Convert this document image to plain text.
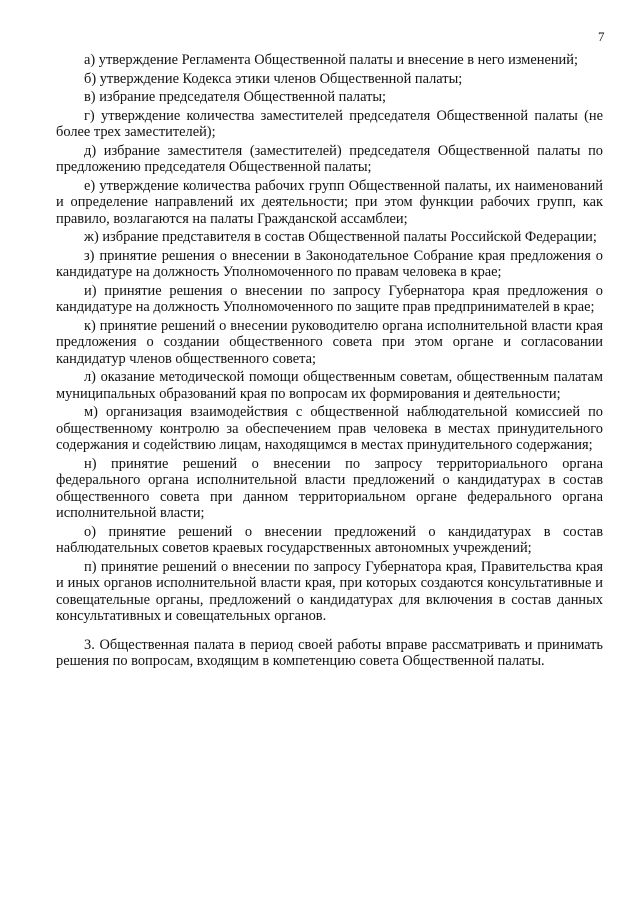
7

а) утверждение Регламента Общественной палаты и внесение в него изменений;

б) утверждение Кодекса этики членов Общественной палаты;

в) избрание председателя Общественной палаты;

г) утверждение количества заместителей председателя Общественной палаты (не более трех заместителей);

д) избрание заместителя (заместителей) председателя Общественной палаты по предложению председателя Общественной палаты;

е) утверждение количества рабочих групп Общественной палаты, их наименований и определение направлений их деятельности; при этом функции рабочих групп, как правило, возлагаются на палаты Гражданской ассамблеи;

ж) избрание представителя в состав Общественной палаты Российской Федерации;

з) принятие решения о внесении в Законодательное Собрание края предложения о кандидатуре на должность Уполномоченного по правам человека в крае;

и) принятие решения о внесении по запросу Губернатора края предложения о кандидатуре на должность Уполномоченного по защите прав предпринимателей в крае;

к) принятие решений о внесении руководителю органа исполнительной власти края предложения о создании общественного совета при этом органе и согласовании кандидатур членов общественного совета;

л) оказание методической помощи общественным советам, общественным палатам муниципальных образований края по вопросам их формирования и деятельности;

м) организация взаимодействия с общественной наблюдательной комиссией по общественному контролю за обеспечением прав человека в местах принудительного содержания и содействию лицам, находящимся в местах принудительного содержания;

н) принятие решений о внесении по запросу территориального органа федерального органа исполнительной власти предложений о кандидатурах в состав общественного совета при данном территориальном органе федерального органа исполнительной власти;

о) принятие решений о внесении предложений о кандидатурах в состав наблюдательных советов краевых государственных автономных учреждений;

п) принятие решений о внесении по запросу Губернатора края, Правительства края и иных органов исполнительной власти края, при которых создаются консультативные и совещательные органы, предложений о кандидатурах для включения в состав данных консультативных и совещательных органов.

3. Общественная палата в период своей работы вправе рассматривать и принимать решения по вопросам, входящим в компетенцию совета Общественной палаты.
